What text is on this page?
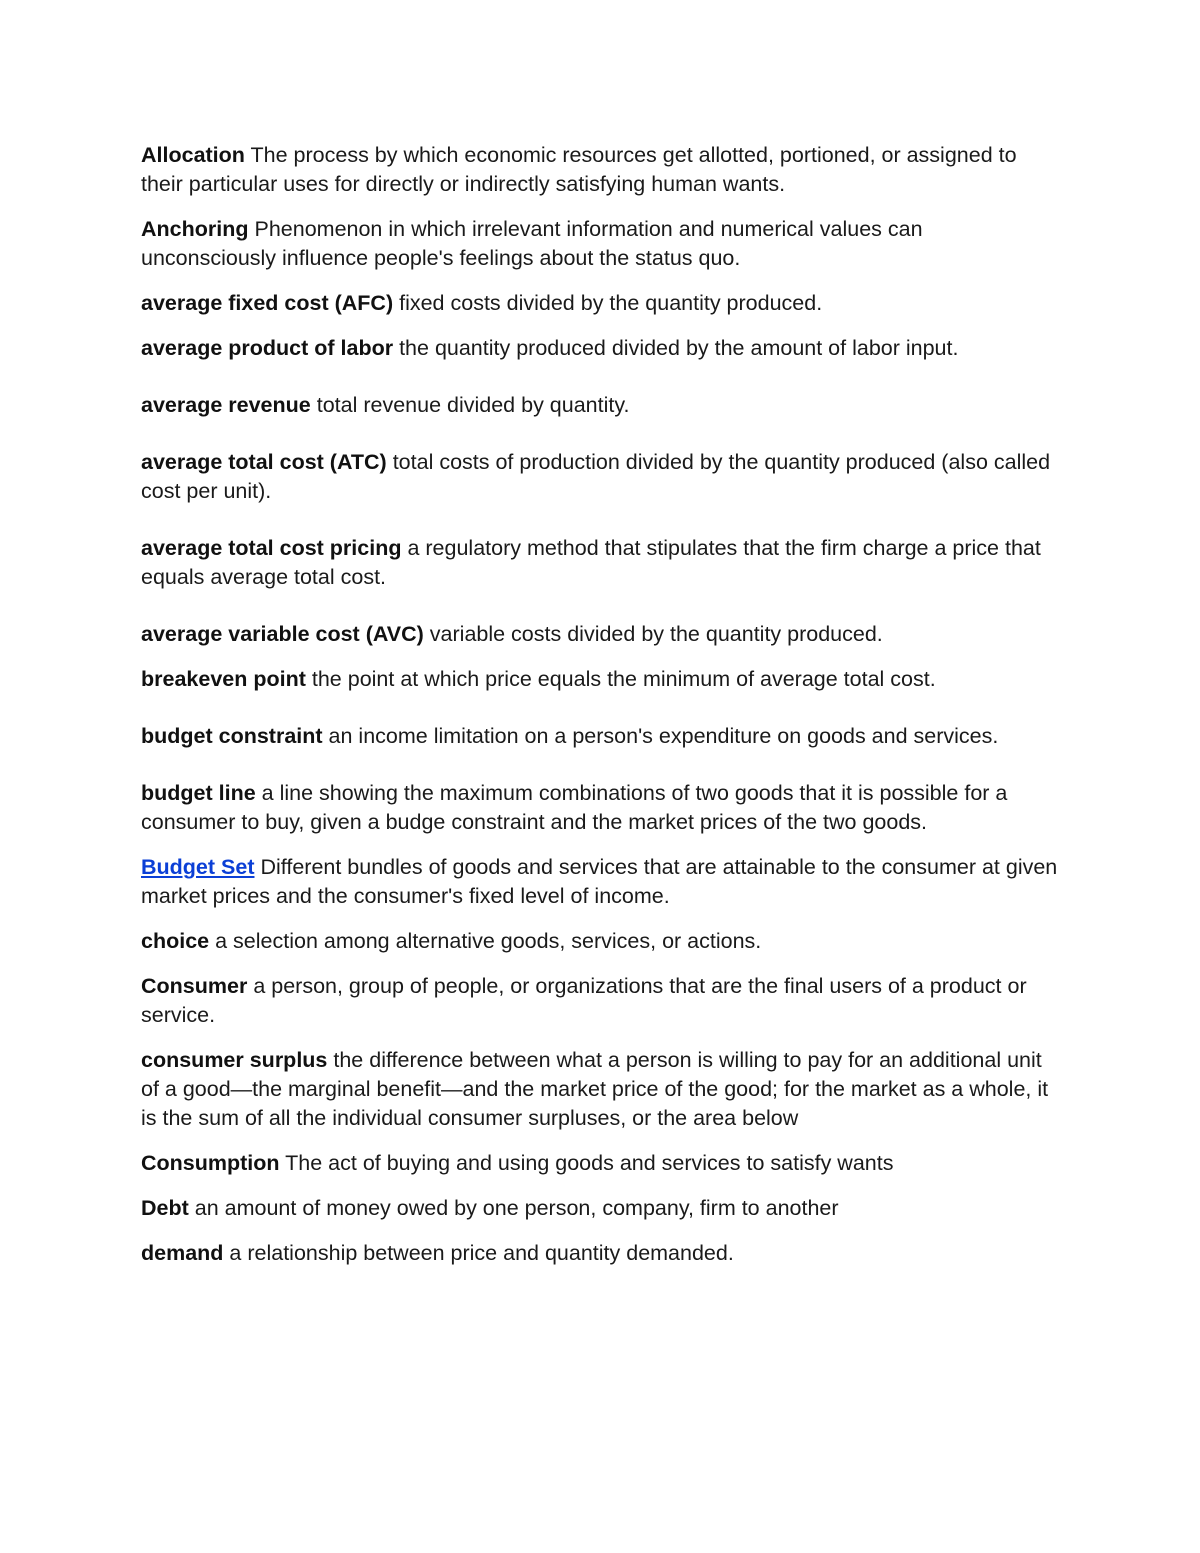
Allocation The process by which economic resources get allotted, portioned, or assigned to their particular uses for directly or indirectly satisfying human wants.

Anchoring Phenomenon in which irrelevant information and numerical values can unconsciously influence people's feelings about the status quo.

average fixed cost (AFC) fixed costs divided by the quantity produced.

average product of labor the quantity produced divided by the amount of labor input.

average revenue total revenue divided by quantity.

average total cost (ATC) total costs of production divided by the quantity produced (also called cost per unit).

average total cost pricing a regulatory method that stipulates that the firm charge a price that equals average total cost.

average variable cost (AVC) variable costs divided by the quantity produced.

breakeven point the point at which price equals the minimum of average total cost.

budget constraint an income limitation on a person's expenditure on goods and services.

budget line a line showing the maximum combinations of two goods that it is possible for a consumer to buy, given a budge constraint and the market prices of the two goods.

Budget Set Different bundles of goods and services that are attainable to the consumer at given market prices and the consumer's fixed level of income.

choice a selection among alternative goods, services, or actions.

Consumer a person, group of people, or organizations that are the final users of a product or service.

consumer surplus the difference between what a person is willing to pay for an additional unit of a good—the marginal benefit—and the market price of the good; for the market as a whole, it is the sum of all the individual consumer surpluses, or the area below

Consumption The act of buying and using goods and services to satisfy wants

Debt an amount of money owed by one person, company, firm to another

demand a relationship between price and quantity demanded.
